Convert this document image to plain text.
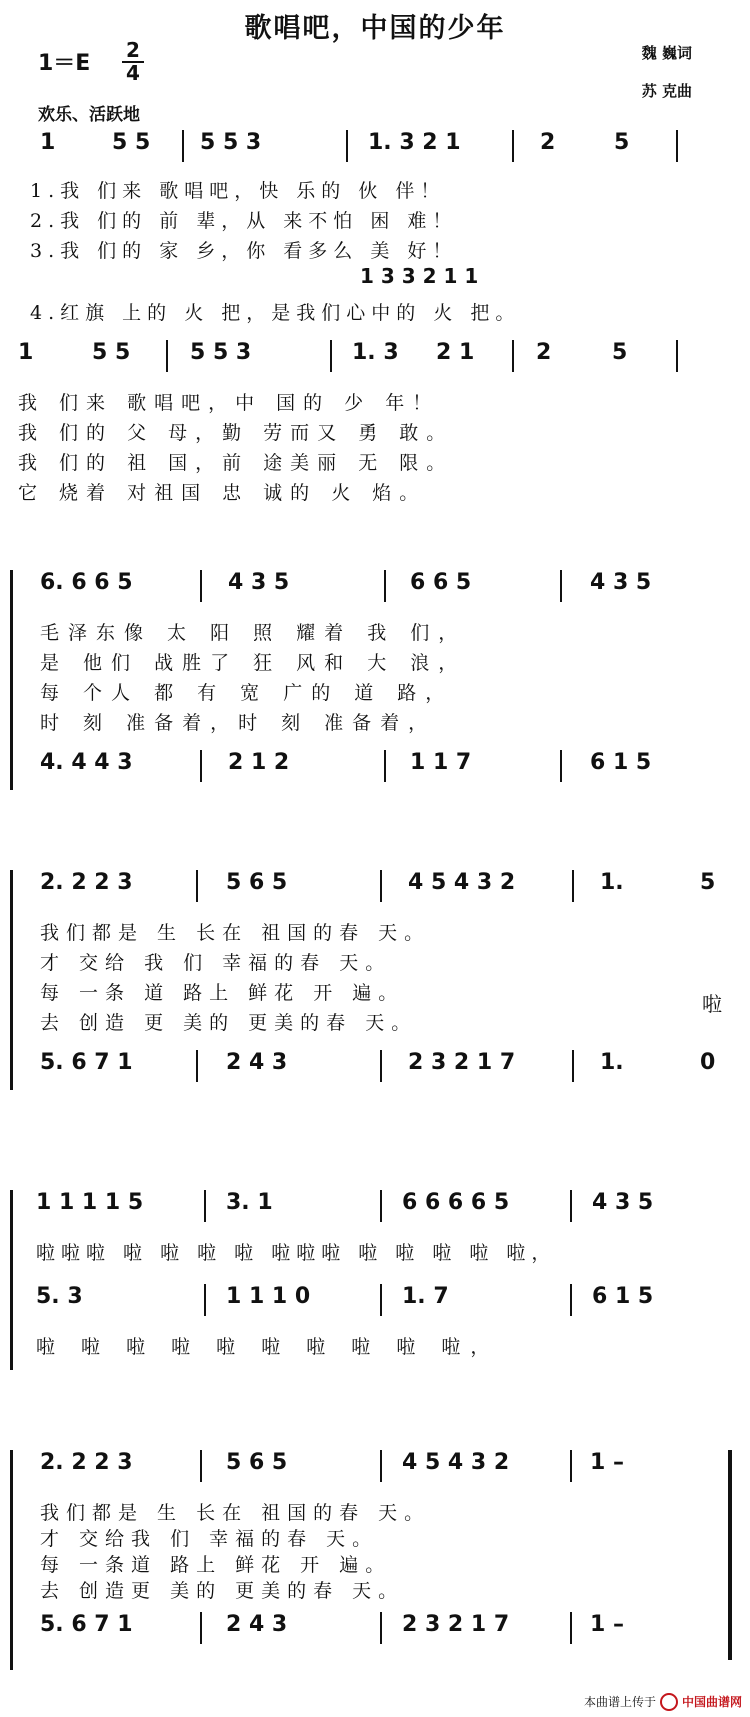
歌唱吧，中国的少年
1＝E
2
4
魏 巍词
苏 克曲
欢乐、活跃地
1	5 5 5 5 3	1. 3 2 1	2	5
1.我 们来 歌唱吧，快 乐的 伙 伴！
2.我 们的 前 辈，从 来不怕 困 难！
3.我 们的 家 乡，你 看多么 美 好！
1 3 3 2 1 1
4.红旗 上的 火 把，是我们心中的 火 把。
1	5 5	5 5 3	1. 3 2 1	2	5
我 们来 歌唱吧，中 国的 少 年！
我 们的 父 母，勤 劳而又 勇 敢。
我 们的 祖 国，前 途美丽 无 限。
它 烧着 对祖国 忠 诚的 火 焰。
6. 6 6 5	4 3 5	6 6 5	4 3 5
毛泽东像 太 阳 照 耀着 我 们，
是 他们 战胜了 狂 风和 大 浪，
每 个人 都 有 宽 广的 道 路，
时 刻 准备着，时 刻 准备着，
4. 4 4 3	2 1 2	1 1 7	6 1 5
2. 2 2 3	5 6 5	4 5 4 3 2	1.	5
我们都是 生 长在 祖国的春 天。
才 交给 我 们 幸福的春 天。
每 一条 道 路上 鲜花 开 遍。
去 创造 更 美的 更美的春 天。
啦
5. 6 7 1	2 4 3	2 3 2 1 7	1.	0
1 1 1 1 5	3. 1	6 6 6 6 5	4 3 5
啦啦啦 啦 啦 啦 啦 啦啦啦 啦 啦 啦 啦 啦，
5. 3	1 1 1 0	1. 7	6 1 5
啦 啦 啦 啦 啦 啦 啦 啦 啦 啦，
2. 2 2 3	5 6 5	4 5 4 3 2	1 –
我们都是 生 长在 祖国的春 天。
才 交给我 们 幸福的春 天。
每 一条道 路上 鲜花 开 遍。
去 创造更 美的 更美的春 天。
5. 6 7 1	2 4 3	2 3 2 1 7	1 –
本曲谱上传于 中国曲谱网
